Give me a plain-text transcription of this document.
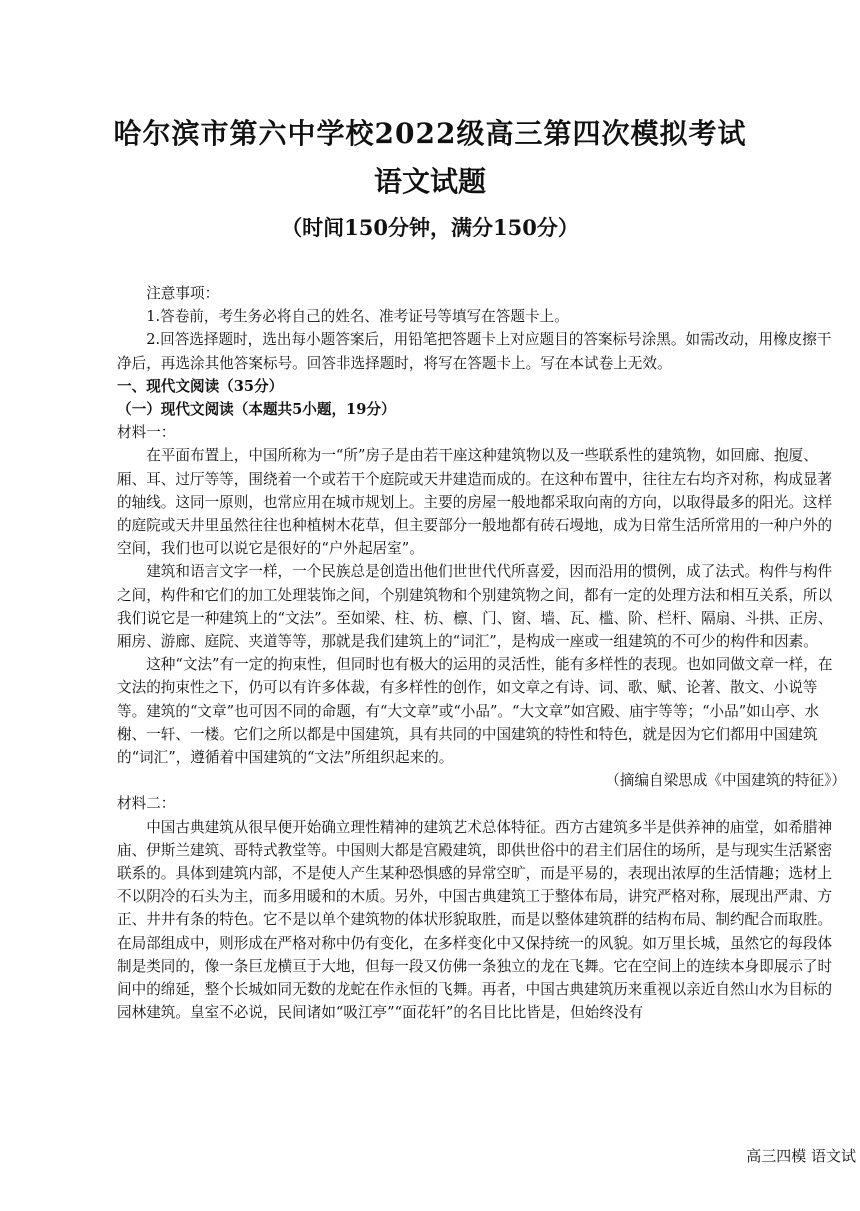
哈尔滨市第六中学校2022级高三第四次模拟考试
语文试题
（时间150分钟，满分150分）

注意事项：

1.答卷前，考生务必将自己的姓名、准考证号等填写在答题卡上。

2.回答选择题时，选出每小题答案后，用铅笔把答题卡上对应题目的答案标号涂黑。如需改动，用橡皮擦干净后，再选涂其他答案标号。回答非选择题时，将写在答题卡上。写在本试卷上无效。

一、现代文阅读（35分）

（一）现代文阅读（本题共5小题，19分）

材料一：

在平面布置上，中国所称为一“所”房子是由若干座这种建筑物以及一些联系性的建筑物，如回廊、抱厦、厢、耳、过厅等等，围绕着一个或若干个庭院或天井建造而成的。在这种布置中，往往左右均齐对称，构成显著的轴线。这同一原则，也常应用在城市规划上。主要的房屋一般地都采取向南的方向，以取得最多的阳光。这样的庭院或天井里虽然往往也种植树木花草，但主要部分一般地都有砖石墁地，成为日常生活所常用的一种户外的空间，我们也可以说它是很好的“户外起居室”。

建筑和语言文字一样，一个民族总是创造出他们世世代代所喜爱，因而沿用的惯例，成了法式。构件与构件之间，构件和它们的加工处理装饰之间，个别建筑物和个别建筑物之间，都有一定的处理方法和相互关系，所以我们说它是一种建筑上的“文法”。至如梁、柱、枋、檩、门、窗、墙、瓦、槛、阶、栏杆、隔扇、斗拱、正房、厢房、游廊、庭院、夹道等等，那就是我们建筑上的“词汇”，是构成一座或一组建筑的不可少的构件和因素。

这种“文法”有一定的拘束性，但同时也有极大的运用的灵活性，能有多样性的表现。也如同做文章一样，在文法的拘束性之下，仍可以有许多体裁，有多样性的创作，如文章之有诗、词、歌、赋、论著、散文、小说等等。建筑的“文章”也可因不同的命题，有“大文章”或“小品”。“大文章”如宫殿、庙宇等等；“小品”如山亭、水榭、一轩、一楼。它们之所以都是中国建筑，具有共同的中国建筑的特性和特色，就是因为它们都用中国建筑的“词汇”，遵循着中国建筑的“文法”所组织起来的。

（摘编自梁思成《中国建筑的特征》）

材料二：

中国古典建筑从很早便开始确立理性精神的建筑艺术总体特征。西方古建筑多半是供养神的庙堂，如希腊神庙、伊斯兰建筑、哥特式教堂等。中国则大都是宫殿建筑，即供世俗中的君主们居住的场所，是与现实生活紧密联系的。具体到建筑内部，不是使人产生某种恐惧感的异常空旷，而是平易的，表现出浓厚的生活情趣；选材上不以阴冷的石头为主，而多用暖和的木质。另外，中国古典建筑工于整体布局，讲究严格对称，展现出严肃、方正、井井有条的特色。它不是以单个建筑物的体状形貌取胜，而是以整体建筑群的结构布局、制约配合而取胜。在局部组成中，则形成在严格对称中仍有变化，在多样变化中又保持统一的风貌。如万里长城，虽然它的每段体制是类同的，像一条巨龙横亘于大地，但每一段又仿佛一条独立的龙在飞舞。它在空间上的连续本身即展示了时间中的绵延，整个长城如同无数的龙蛇在作永恒的飞舞。再者，中国古典建筑历来重视以亲近自然山水为目标的园林建筑。皇室不必说，民间诸如“吸江亭”“面花轩”的名目比比皆是，但始终没有

高三四模 语文试
